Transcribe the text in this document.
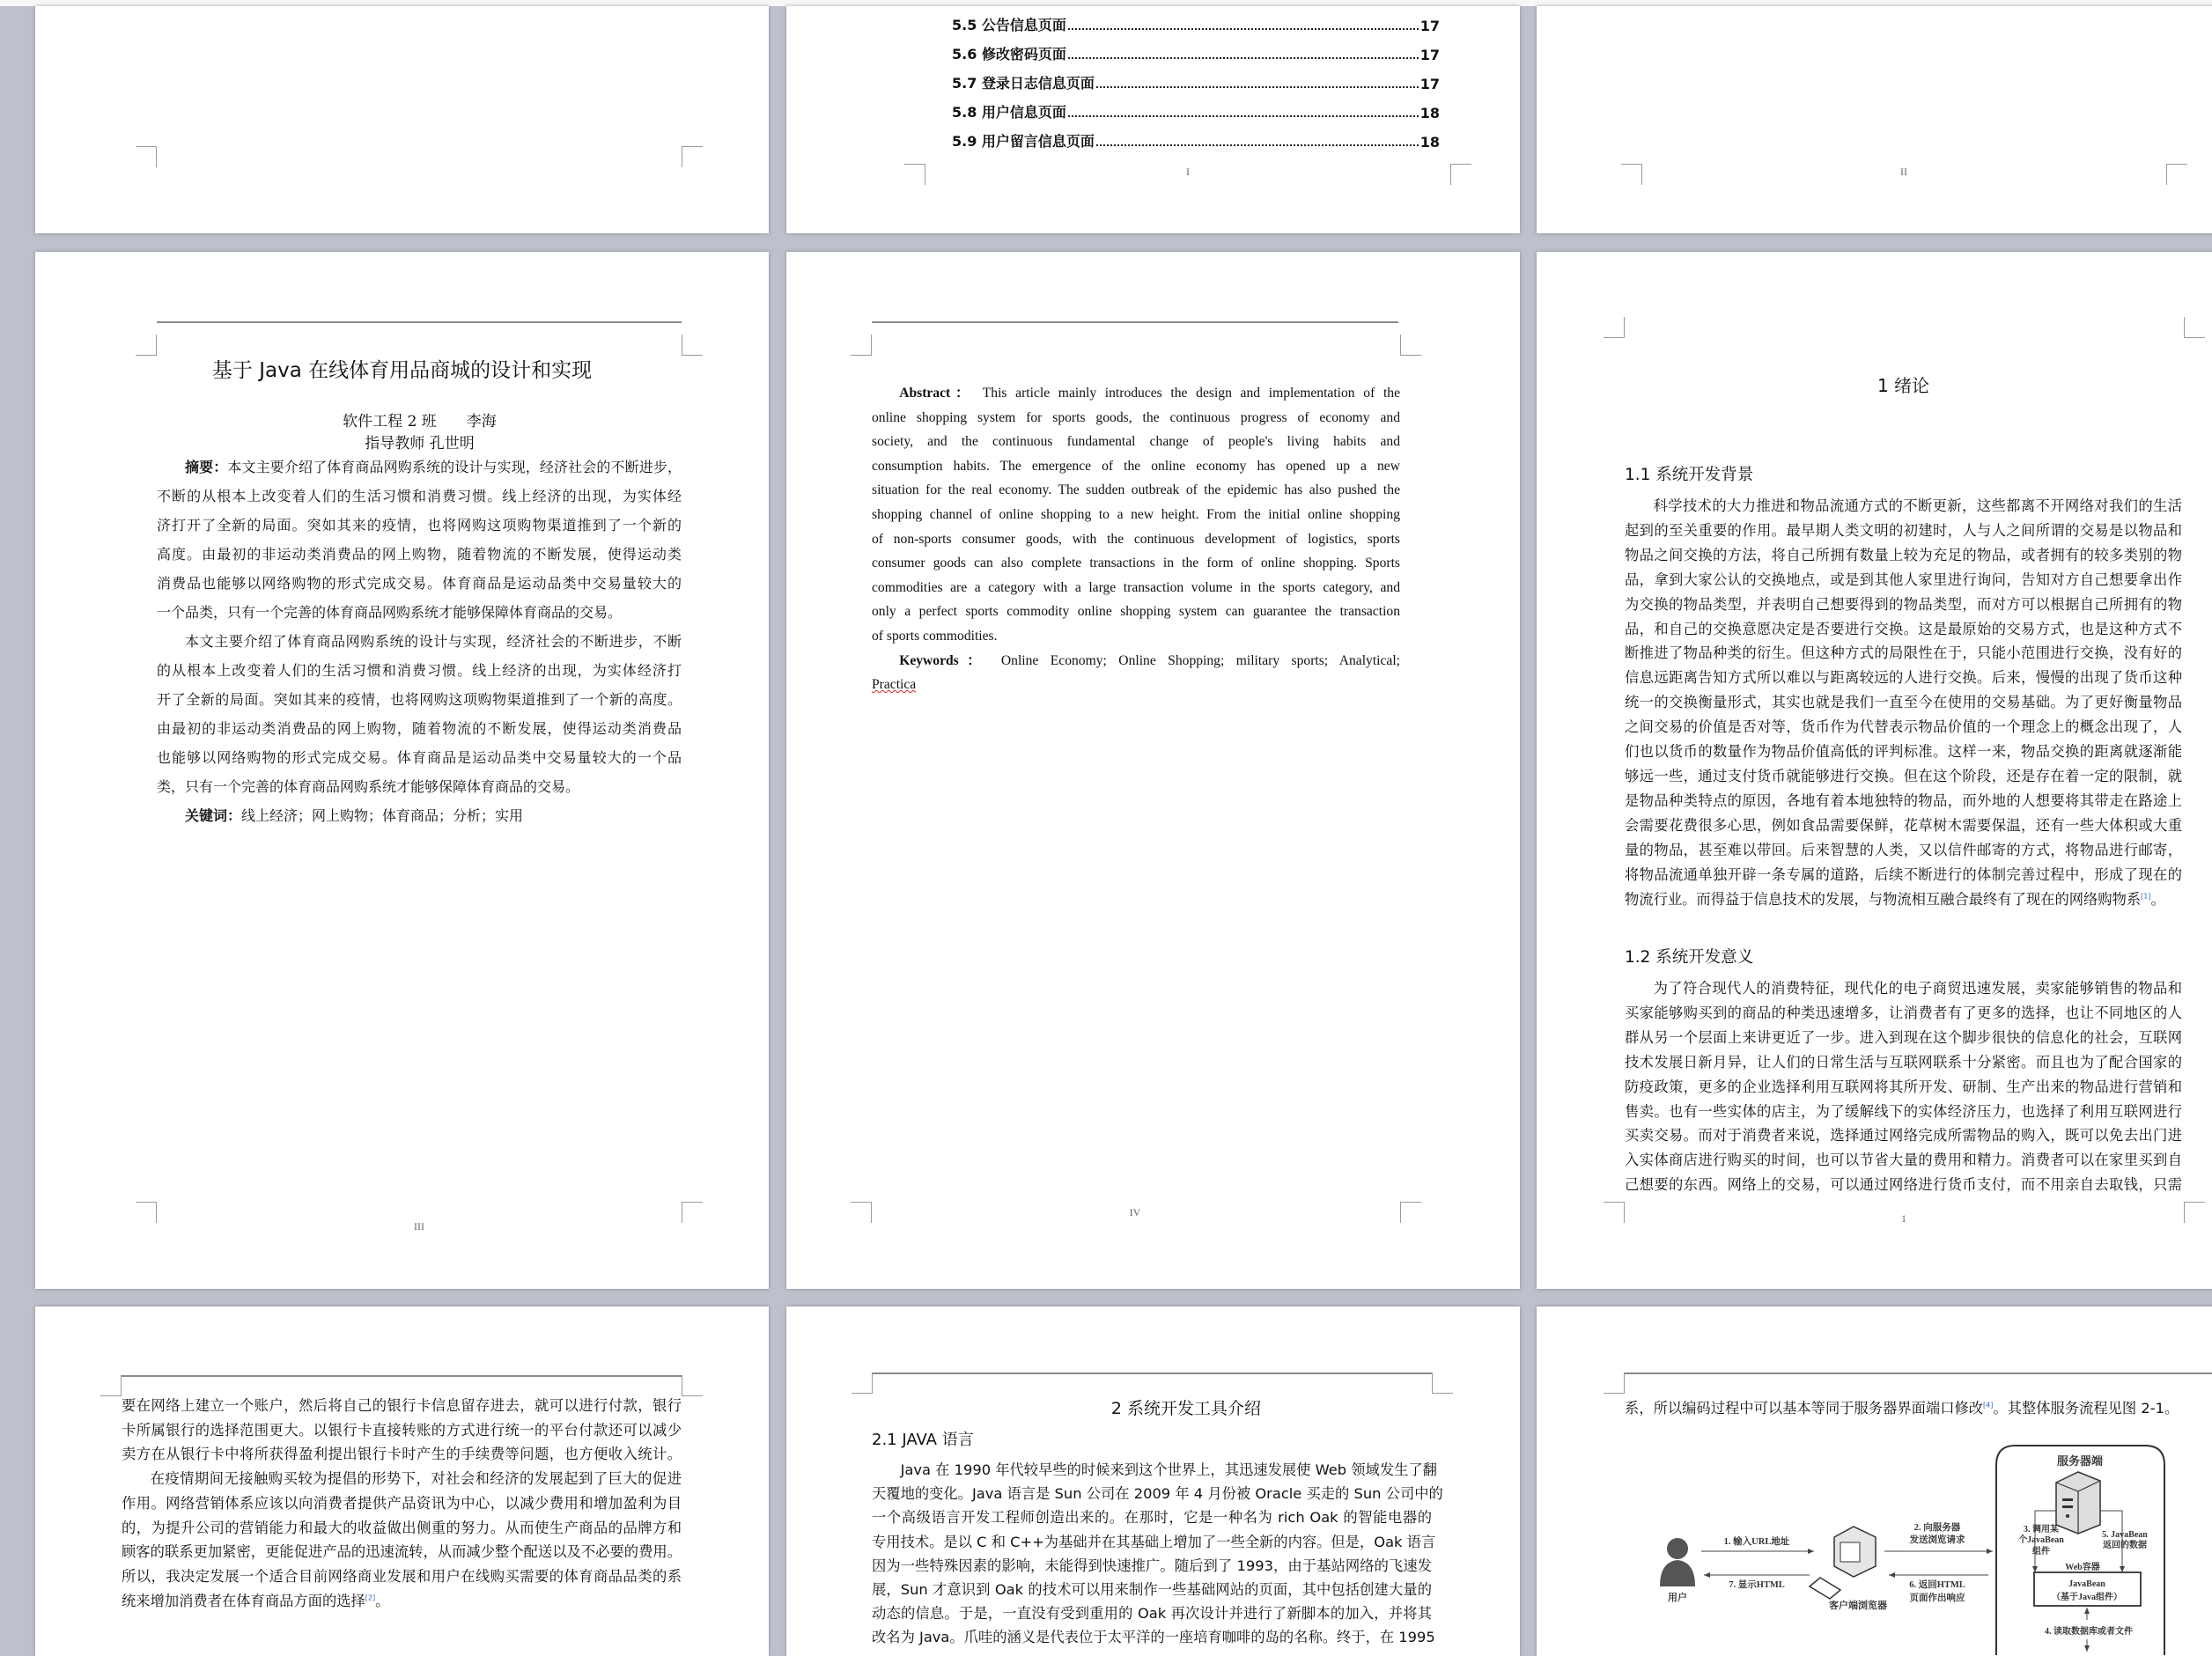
5.5 公告信息页面	17
5.6 修改密码页面	17
5.7 登录日志信息页面	17
5.8 用户信息页面	18
5.9 用户留言信息页面	18
I	II
基于 Java 在线体育用品商城的设计和实现
软件工程 2 班　　李海
指导教师 孔世明
摘要：本文主要介绍了体育商品网购系统的设计与实现，经济社会的不断进步，
不断的从根本上改变着人们的生活习惯和消费习惯。线上经济的出现，为实体经
济打开了全新的局面。突如其来的疫情，也将网购这项购物渠道推到了一个新的
高度。由最初的非运动类消费品的网上购物，随着物流的不断发展，使得运动类
消费品也能够以网络购物的形式完成交易。体育商品是运动品类中交易量较大的
一个品类，只有一个完善的体育商品网购系统才能够保障体育商品的交易。
本文主要介绍了体育商品网购系统的设计与实现，经济社会的不断进步，不断
的从根本上改变着人们的生活习惯和消费习惯。线上经济的出现，为实体经济打
开了全新的局面。突如其来的疫情，也将网购这项购物渠道推到了一个新的高度。
由最初的非运动类消费品的网上购物，随着物流的不断发展，使得运动类消费品
也能够以网络购物的形式完成交易。体育商品是运动品类中交易量较大的一个品
类，只有一个完善的体育商品网购系统才能够保障体育商品的交易。
关键词：线上经济；网上购物；体育商品；分析；实用
III
Abstract： This article mainly introduces the design and implementation of the
online shopping system for sports goods, the continuous progress of economy and
society, and the continuous fundamental change of people's living habits and
consumption habits. The emergence of the online economy has opened up a new
situation for the real economy. The sudden outbreak of the epidemic has also pushed the
shopping channel of online shopping to a new height. From the initial online shopping
of non-sports consumer goods, with the continuous development of logistics, sports
consumer goods can also complete transactions in the form of online shopping. Sports
commodities are a category with a large transaction volume in the sports category, and
only a perfect sports commodity online shopping system can guarantee the transaction
of sports commodities.
Keywords： Online Economy; Online Shopping; military sports; Analytical;
Practica
IV
1 绪论
1.1 系统开发背景
科学技术的大力推进和物品流通方式的不断更新，这些都离不开网络对我们的生活
起到的至关重要的作用。最早期人类文明的初建时，人与人之间所谓的交易是以物品和
物品之间交换的方法，将自己所拥有数量上较为充足的物品，或者拥有的较多类别的物
品，拿到大家公认的交换地点，或是到其他人家里进行询问，告知对方自己想要拿出作
为交换的物品类型，并表明自己想要得到的物品类型，而对方可以根据自己所拥有的物
品，和自己的交换意愿决定是否要进行交换。这是最原始的交易方式，也是这种方式不
断推进了物品种类的衍生。但这种方式的局限性在于，只能小范围进行交换，没有好的
信息远距离告知方式所以难以与距离较远的人进行交换。后来，慢慢的出现了货币这种
统一的交换衡量形式，其实也就是我们一直至今在使用的交易基础。为了更好衡量物品
之间交易的价值是否对等，货币作为代替表示物品价值的一个理念上的概念出现了，人
们也以货币的数量作为物品价值高低的评判标准。这样一来，物品交换的距离就逐渐能
够远一些，通过支付货币就能够进行交换。但在这个阶段，还是存在着一定的限制，就
是物品种类特点的原因，各地有着本地独特的物品，而外地的人想要将其带走在路途上
会需要花费很多心思，例如食品需要保鲜，花草树木需要保温，还有一些大体积或大重
量的物品，甚至难以带回。后来智慧的人类，又以信件邮寄的方式，将物品进行邮寄，
将物品流通单独开辟一条专属的道路，后续不断进行的体制完善过程中，形成了现在的
物流行业。而得益于信息技术的发展，与物流相互融合最终有了现在的网络购物系[1]。
1.2 系统开发意义
为了符合现代人的消费特征，现代化的电子商贸迅速发展，卖家能够销售的物品和
买家能够购买到的商品的种类迅速增多，让消费者有了更多的选择，也让不同地区的人
群从另一个层面上来讲更近了一步。进入到现在这个脚步很快的信息化的社会，互联网
技术发展日新月异，让人们的日常生活与互联网联系十分紧密。而且也为了配合国家的
防疫政策，更多的企业选择利用互联网将其所开发、研制、生产出来的物品进行营销和
售卖。也有一些实体的店主，为了缓解线下的实体经济压力，也选择了利用互联网进行
买卖交易。而对于消费者来说，选择通过网络完成所需物品的购入，既可以免去出门进
入实体商店进行购买的时间，也可以节省大量的费用和精力。消费者可以在家里买到自
己想要的东西。网络上的交易，可以通过网络进行货币支付，而不用亲自去取钱，只需
1
要在网络上建立一个账户，然后将自己的银行卡信息留存进去，就可以进行付款，银行
卡所属银行的选择范围更大。以银行卡直接转账的方式进行统一的平台付款还可以减少
卖方在从银行卡中将所获得盈利提出银行卡时产生的手续费等问题，也方便收入统计。
在疫情期间无接触购买较为提倡的形势下，对社会和经济的发展起到了巨大的促进
作用。网络营销体系应该以向消费者提供产品资讯为中心，以减少费用和增加盈利为目
的，为提升公司的营销能力和最大的收益做出侧重的努力。从而使生产商品的品牌方和
顾客的联系更加紧密，更能促进产品的迅速流转，从而减少整个配送以及不必要的费用。
所以，我决定发展一个适合目前网络商业发展和用户在线购买需要的体育商品品类的系
统来增加消费者在体育商品方面的选择[2]。
2 系统开发工具介绍
2.1 JAVA 语言
Java 在 1990 年代较早些的时候来到这个世界上，其迅速发展使 Web 领域发生了翻
天覆地的变化。Java 语言是 Sun 公司在 2009 年 4 月份被 Oracle 买走的 Sun 公司中的
一个高级语言开发工程师创造出来的。在那时，它是一种名为 rich Oak 的智能电器的
专用技术。是以 C 和 C++为基础并在其基础上增加了一些全新的内容。但是，Oak 语言
因为一些特殊因素的影响，未能得到快速推广。随后到了 1993，由于基站网络的飞速发
展，Sun 才意识到 Oak 的技术可以用来制作一些基础网站的页面，其中包括创建大量的
动态的信息。于是，一直没有受到重用的 Oak 再次设计并进行了新脚本的加入，并将其
改名为 Java。爪哇的涵义是代表位于太平洋的一座培育咖啡的岛的名称。终于，在 1995
系，所以编码过程中可以基本等同于服务器界面端口修改[4]。其整体服务流程见图 2-1。
服务器端
用户
客户端浏览器
1. 输入URL地址
7. 显示HTML
2. 向服务器
发送浏览请求
6. 返回HTML
页面作出响应
3. 调用某
个JavaBean
组件
5. JavaBean
返回的数据
Web容器
JavaBean
（基于Java组件）
4. 读取数据库或者文件
